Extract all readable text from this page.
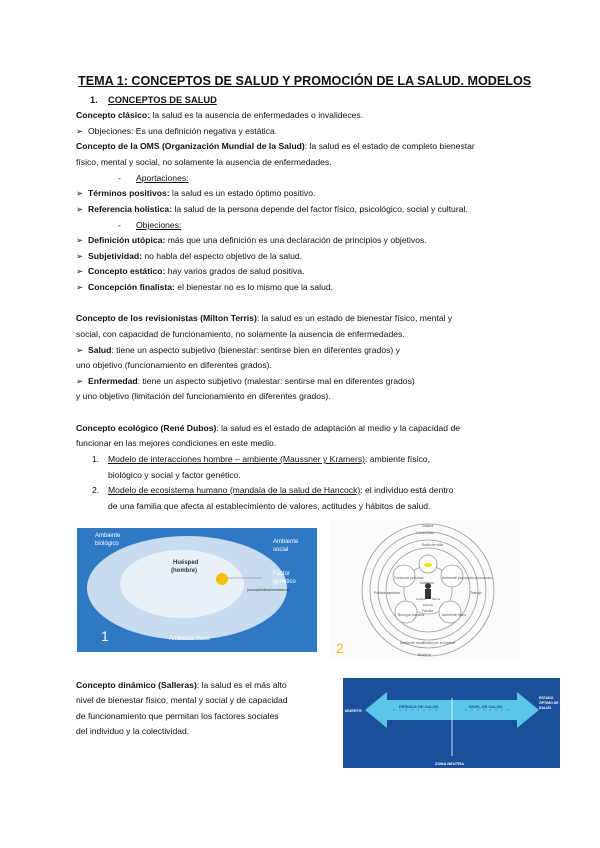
TEMA 1: CONCEPTOS DE SALUD Y PROMOCIÓN DE LA SALUD. MODELOS
1. CONCEPTOS DE SALUD
Concepto clásico: la salud es la ausencia de enfermedades o invalideces.
➢ Objeciones: Es una definición negativa y estática.
Concepto de la OMS (Organización Mundial de la Salud): la salud es el estado de completo bienestar
físico, mental y social, no solamente la ausencia de enfermedades.
- Aportaciones:
➢ Términos positivos: la salud es un estado óptimo positivo.
➢ Referencia holística: la salud de la persona depende del factor físico, psicológico, social y cultural.
- Objeciones:
➢ Definición utópica: más que una definición es una declaración de principios y objetivos.
➢ Subjetividad: no habla del aspecto objetivo de la salud.
➢ Concepto estático: hay varios grados de salud positiva.
➢ Concepción finalista: el bienestar no es lo mismo que la salud.
Concepto de los revisionistas (Milton Terris): la salud es un estado de bienestar físico, mental y
social, con capacidad de funcionamiento, no solamente la ausencia de enfermedades.
➢ Salud: tiene un aspecto subjetivo (bienestar: sentirse bien en diferentes grados) y
uno objetivo (funcionamiento en diferentes grados).
➢ Enfermedad: tiene un aspecto subjetivo (malestar: sentirse mal en diferentes grados)
y uno objetivo (limitación del funcionamiento en diferentes grados).
Concepto ecológico (René Dubos): la salud es el estado de adaptación al medio y la capacidad de
funcionar en las mejores condiciones en este medio.
1. Modelo de interacciones hombre – ambiente (Maussner y Kramers): ambiente físico,
biológico y social y factor genético.
2. Modelo de ecosistema humano (mandala de la salud de Hancock): el individuo está dentro
de una familia que afecta al establecimiento de valores, actitudes y hábitos de salud.
Ambiente biológico	Ambiente social
Huésped
(hombre)	Factor genético
(susceptibilidad/resistencia)
Ambiente físico
1
Cultura
Comunidad
Estilo de vida
Conducta personal	Ambiente psicosocio-económico
Individuo
Cuerpo Mente
Espíritu
Familia
Biología humana	Ambiente físico
Política sanitaria	Trabajo
Ambiente modificado por el hombre
Biosfera
2
Concepto dinámico (Salleras): la salud es el más alto
nivel de bienestar físico, mental y social y de capacidad
de funcionamiento que permitan los factores sociales
del individuo y la colectividad.
MUERTE
PÉRDIDA DE SALUD	NIVEL DE SALUD
ESTADO ÓPTIMO DE SALUD
ZONA NEUTRA
